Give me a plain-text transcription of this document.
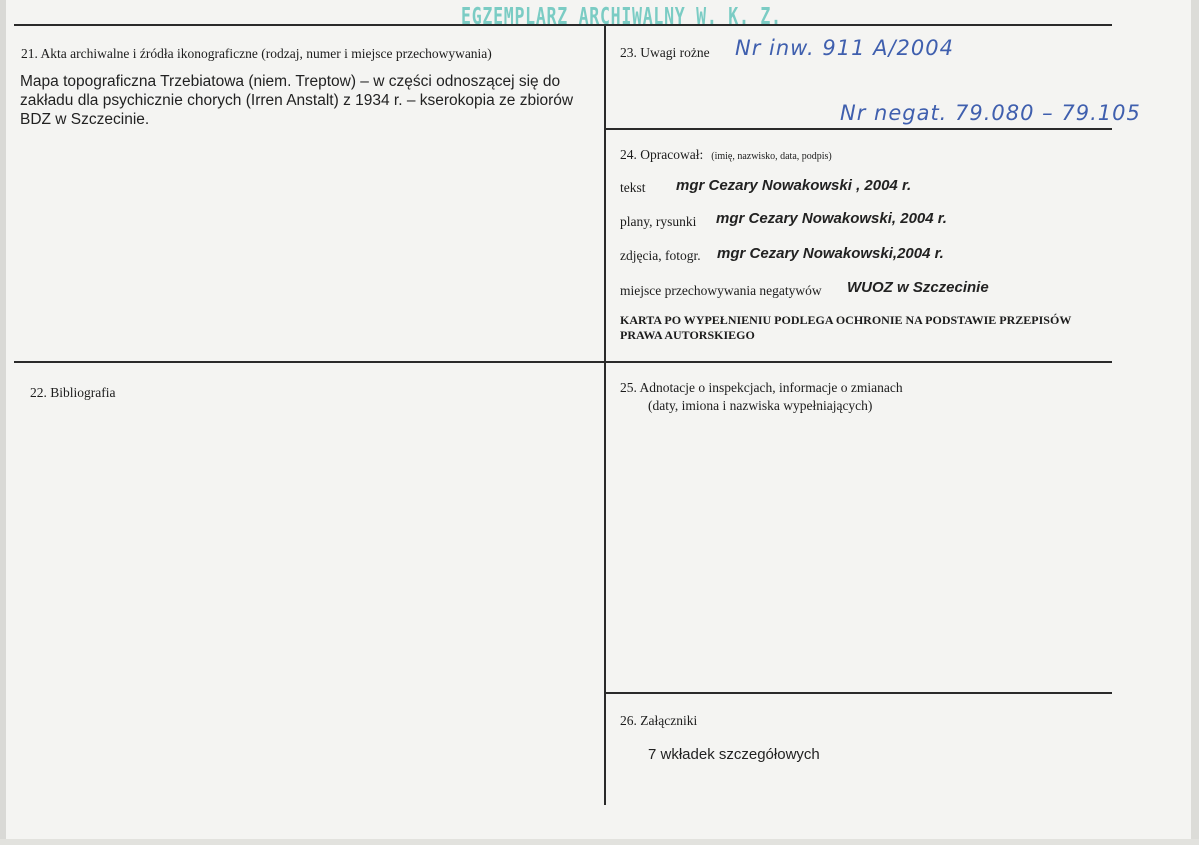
EGZEMPLARZ ARCHIWALNY W. K. Z.
21. Akta archiwalne i źródła ikonograficzne (rodzaj, numer i miejsce przechowywania)
Mapa topograficzna Trzebiatowa (niem. Treptow) – w części odnoszącej się do
zakładu dla psychicznie chorych (Irren Anstalt) z 1934 r. – kserokopia ze zbiorów
BDZ w Szczecinie.
22. Bibliografia
23. Uwagi rożne Nr inw. 911 A/2004
Nr negat. 79.080 – 79.105
24. Opracował: (imię, nazwisko, data, podpis)
tekst mgr Cezary Nowakowski , 2004 r.
plany, rysunki mgr Cezary Nowakowski, 2004 r.
zdjęcia, fotogr. mgr Cezary Nowakowski,2004 r.
miejsce przechowywania negatywów WUOZ w Szczecinie
KARTA PO WYPEŁNIENIU PODLEGA OCHRONIE NA PODSTAWIE PRZEPISÓW
PRAWA AUTORSKIEGO
25. Adnotacje o inspekcjach, informacje o zmianach
(daty, imiona i nazwiska wypełniających)
26. Załączniki
7 wkładek szczegółowych
